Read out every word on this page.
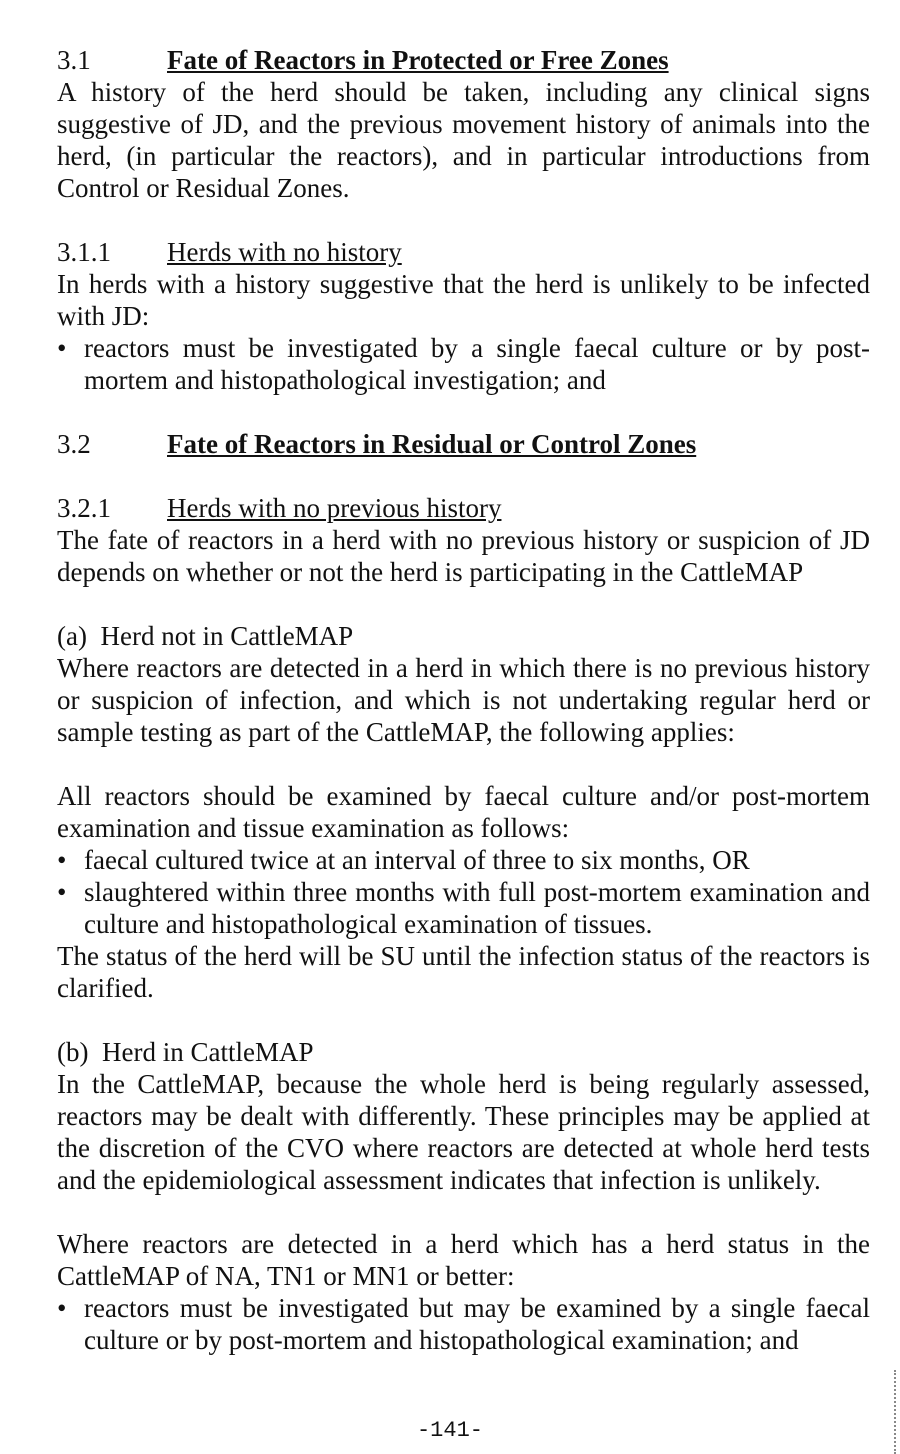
3.1	Fate of Reactors in Protected or Free Zones

A history of the herd should be taken, including any clinical signs suggestive of JD, and the previous movement history of animals into the herd, (in particular the reactors), and in particular introductions from Control or Residual Zones.

3.1.1	Herds with no history

In herds with a history suggestive that the herd is unlikely to be infected with JD:

• reactors must be investigated by a single faecal culture or by post-mortem and histopathological investigation; and
3.2	Fate of Reactors in Residual or Control Zones
3.2.1	Herds with no previous history

The fate of reactors in a herd with no previous history or suspicion of JD depends on whether or not the herd is participating in the CattleMAP

(a)  Herd not in CattleMAP

Where reactors are detected in a herd in which there is no previous history or suspicion of infection, and which is not undertaking regular herd or sample testing as part of the CattleMAP, the following applies:

All reactors should be examined by faecal culture and/or post-mortem examination and tissue examination as follows:

• faecal cultured twice at an interval of three to six months, OR
• slaughtered within three months with full post-mortem examination and culture and histopathological examination of tissues.

The status of the herd will be SU until the infection status of the reactors is clarified.

(b)  Herd in CattleMAP

In the CattleMAP, because the whole herd is being regularly assessed, reactors may be dealt with differently. These principles may be applied at the discretion of the CVO where reactors are detected at whole herd tests and the epidemiological assessment indicates that infection is unlikely.

Where reactors are detected in a herd which has a herd status in the CattleMAP of NA, TN1 or MN1 or better:

• reactors must be investigated but may be examined by a single faecal culture or by post-mortem and histopathological examination; and
-141-
